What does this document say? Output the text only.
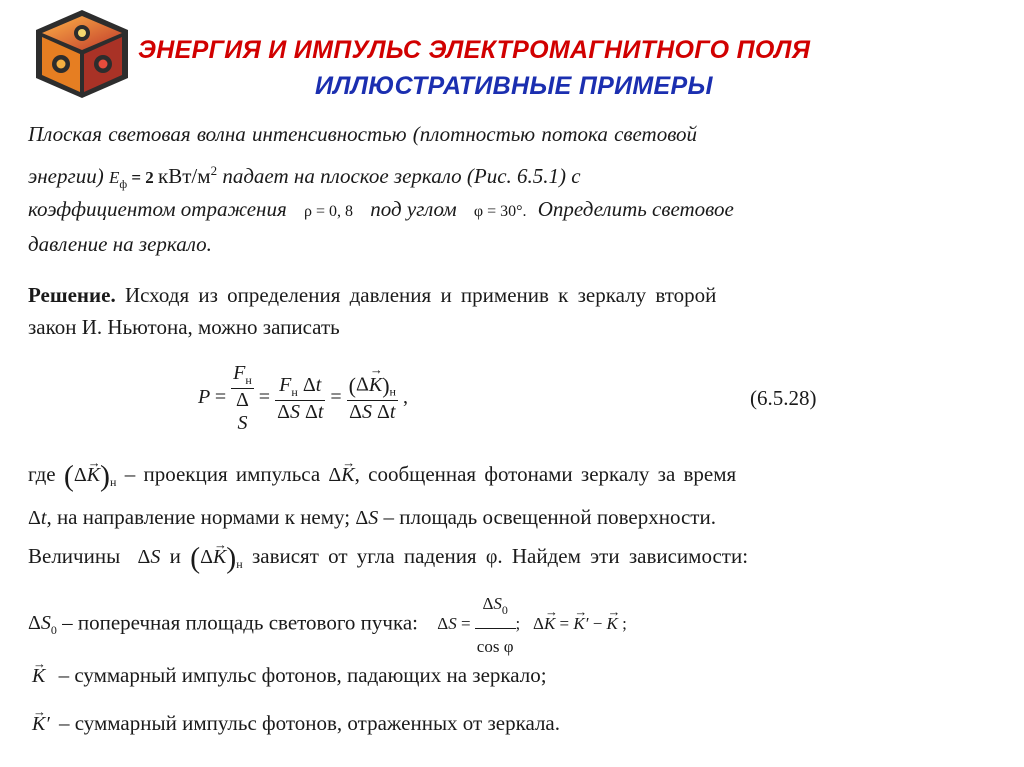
ЭНЕРГИЯ И ИМПУЛЬС ЭЛЕКТРОМАГНИТНОГО ПОЛЯ
ИЛЛЮСТРАТИВНЫЕ ПРИМЕРЫ
Плоская световая волна интенсивностью (плотностью потока световой
энергии) $E_ф = 2$ кВт/$м^2$ падает на плоское зеркало (Рис. 6.5.1) с
коэффициентом отражения ρ = 0, 8 под углом φ = 30°. Определить световое
давление на зеркало.
Решение. Исходя из определения давления и применив к зеркалу второй
закон И. Ньютона, можно записать
P =
$F_н$
Δ
$S = \frac{F_н \Delta t}{\text{ΔS Δt}} = \frac{(\Delta\to K)_н}{\text{ΔS Δt}}$ ,	(6.5.28)
где $(\Delta\to K)_н$ – проекция импульса Δ→ K, сообщенная фотонами зеркалу за время
Δt, на направление нормами к нему; ΔS – площадь освещенной поверхности.
Величины ΔS и $(\Delta\to K)_н$ зависят от угла падения φ. Найдем эти зависимости:
$\Delta S_0$ – поперечная площадь светового пучка: $\Delta S = \frac{\Delta S_0}{\text{cos φ}}$ ; Δ→ K = → K′ − → K ;
→ K – суммарный импульс фотонов, падающих на зеркало;
→ K′ – суммарный импульс фотонов, отраженных от зеркала.
